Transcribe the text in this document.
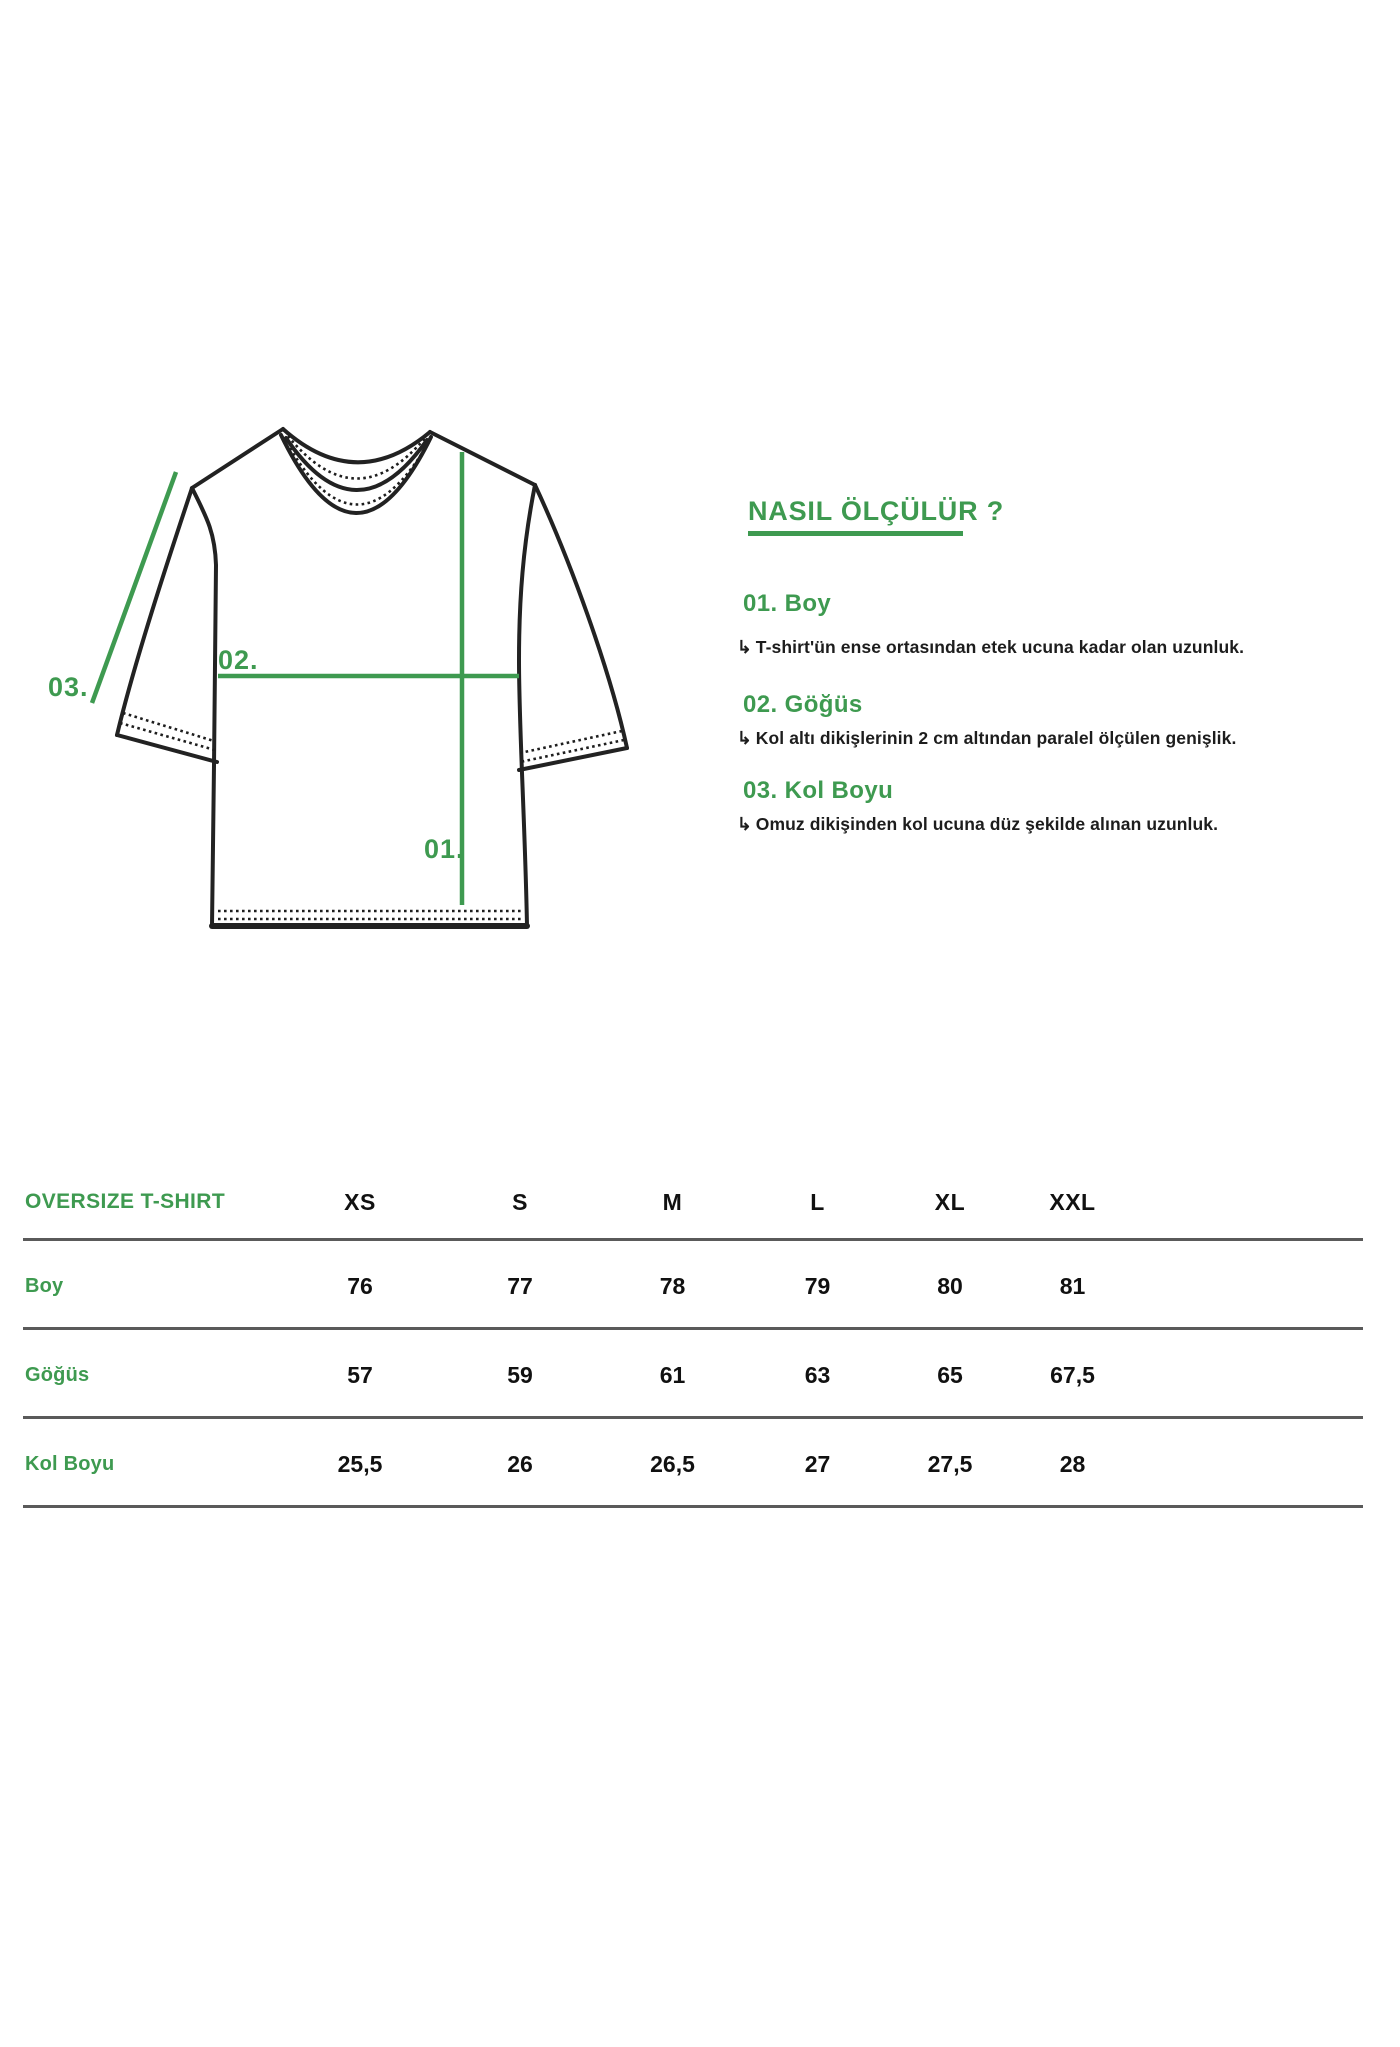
01.
02.
03.
NASIL ÖLÇÜLÜR ?
01. Boy
↳ T-shirt'ün ense ortasından etek ucuna kadar olan uzunluk.
02. Göğüs
↳ Kol altı dikişlerinin 2 cm altından paralel ölçülen genişlik.
03. Kol Boyu
↳ Omuz dikişinden kol ucuna düz şekilde alınan uzunluk.
OVERSIZE T-SHIRT	XS	S	M	L	XL	XXL	
Boy	76	77	78	79	80	81	
Göğüs	57	59	61	63	65	67,5	
Kol Boyu	25,5	26	26,5	27	27,5	28	
